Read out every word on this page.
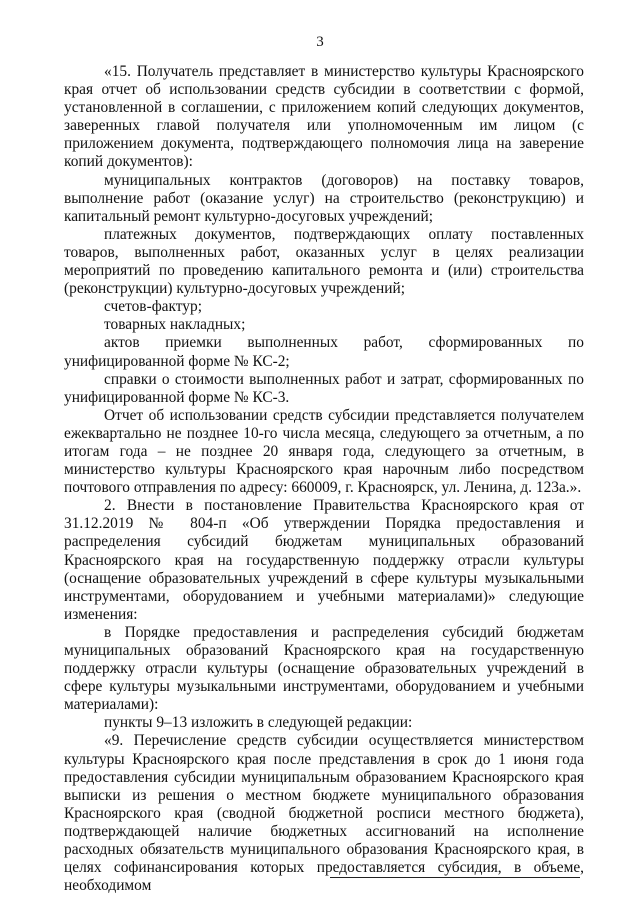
3

«15. Получатель представляет в министерство культуры Красноярского края отчет об использовании средств субсидии в соответствии с формой, установленной в соглашении, с приложением копий следующих документов, заверенных главой получателя или уполномоченным им лицом (с приложением документа, подтверждающего полномочия лица на заверение копий документов):

муниципальных контрактов (договоров) на поставку товаров, выполнение работ (оказание услуг) на строительство (реконструкцию) и капитальный ремонт культурно-досуговых учреждений;

платежных документов, подтверждающих оплату поставленных товаров, выполненных работ, оказанных услуг в целях реализации мероприятий по проведению капитального ремонта и (или) строительства (реконструкции) культурно-досуговых учреждений;

счетов-фактур;

товарных накладных;

актов приемки выполненных работ, сформированных по унифицированной форме № КС-2;

справки о стоимости выполненных работ и затрат, сформированных по унифицированной форме № КС-3.

Отчет об использовании средств субсидии представляется получателем ежеквартально не позднее 10-го числа месяца, следующего за отчетным, а по итогам года – не позднее 20 января года, следующего за отчетным, в министерство культуры Красноярского края нарочным либо посредством почтового отправления по адресу: 660009, г. Красноярск, ул. Ленина, д. 123а.».

2. Внести в постановление Правительства Красноярского края от 31.12.2019 № 804-п «Об утверждении Порядка предоставления и распределения субсидий бюджетам муниципальных образований Красноярского края на государственную поддержку отрасли культуры (оснащение образовательных учреждений в сфере культуры музыкальными инструментами, оборудованием и учебными материалами)» следующие изменения:

в Порядке предоставления и распределения субсидий бюджетам муниципальных образований Красноярского края на государственную поддержку отрасли культуры (оснащение образовательных учреждений в сфере культуры музыкальными инструментами, оборудованием и учебными материалами):

пункты 9–13 изложить в следующей редакции:

«9. Перечисление средств субсидии осуществляется министерством культуры Красноярского края после представления в срок до 1 июня года предоставления субсидии муниципальным образованием Красноярского края выписки из решения о местном бюджете муниципального образования Красноярского края (сводной бюджетной росписи местного бюджета), подтверждающей наличие бюджетных ассигнований на исполнение расходных обязательств муниципального образования Красноярского края, в целях софинансирования которых предоставляется субсидия, в объеме, необходимом
